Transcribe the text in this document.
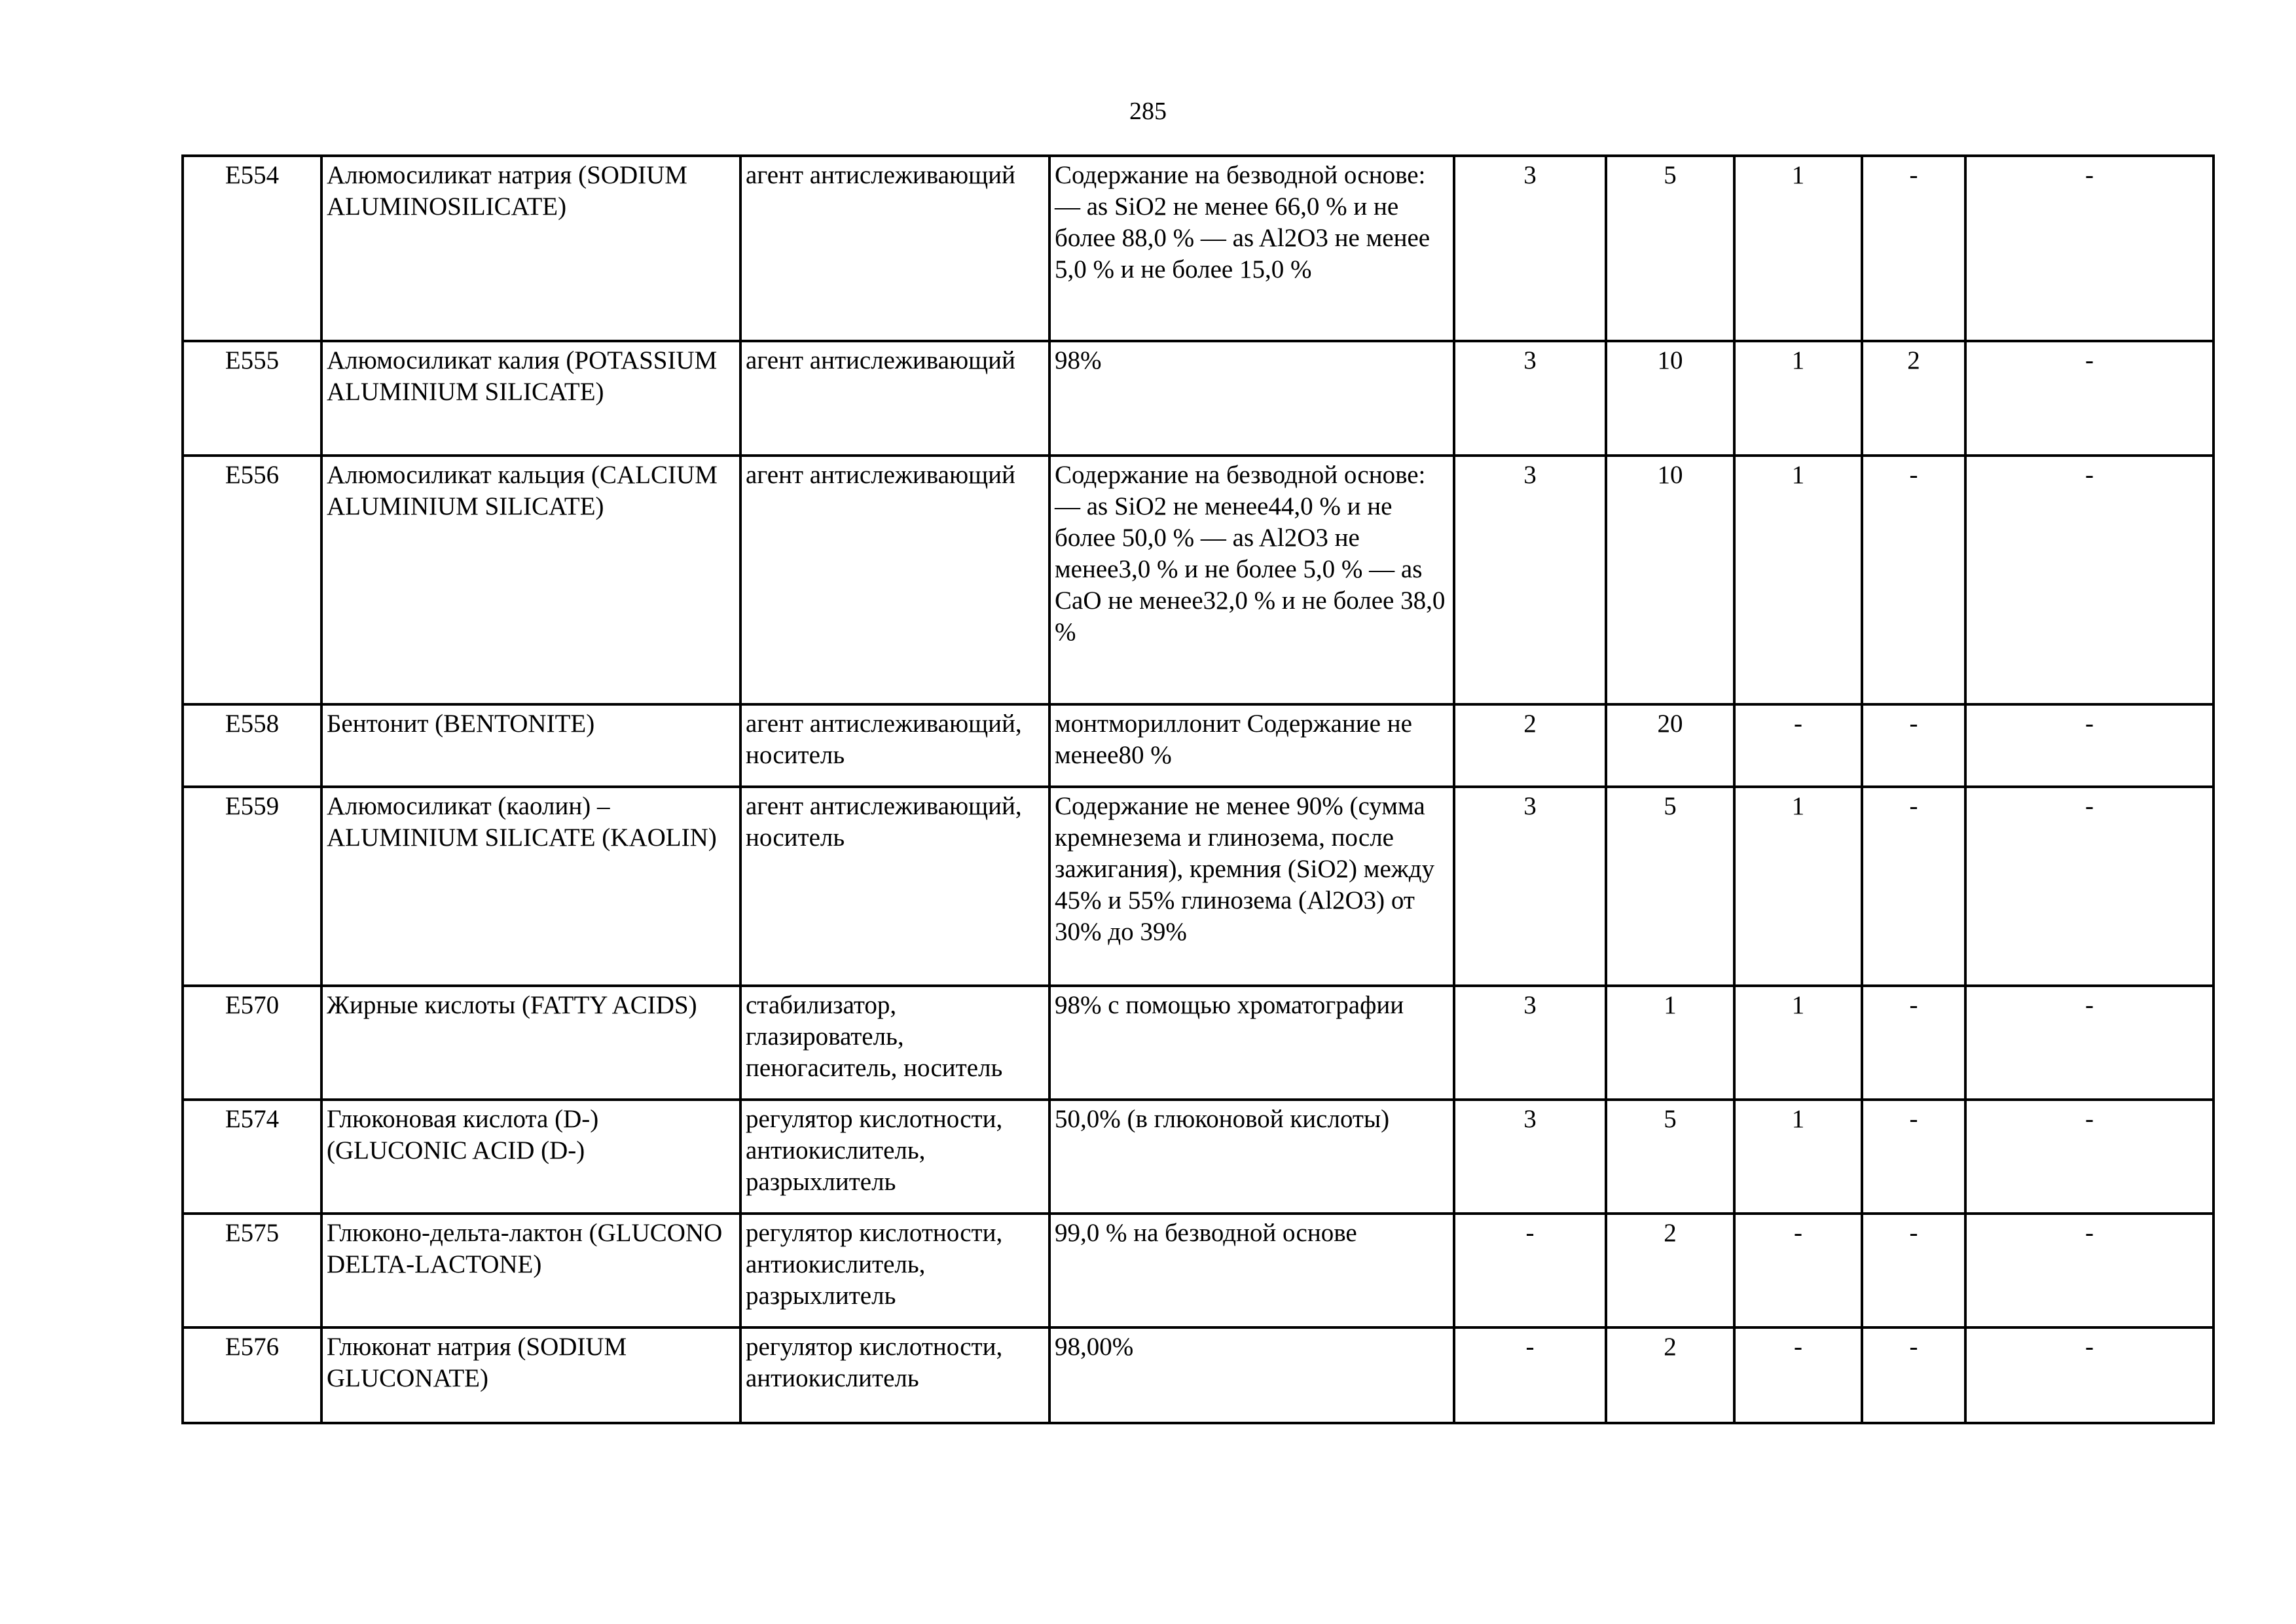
285
E554	Алюмосиликат натрия (SODIUM ALUMINOSILICATE)	агент антислеживающий	Содержание на безводной основе: — as SiO2 не менее 66,0 % и не более 88,0 % — as Al2O3 не менее 5,0 % и не более 15,0 %	3	5	1	-	-
E555	Алюмосиликат калия (POTASSIUM ALUMINIUM SILICATE)	агент антислеживающий	98%	3	10	1	2	-
E556	Алюмосиликат кальция (CALCIUM ALUMINIUM SILICATE)	агент антислеживающий	Содержание на безводной основе: — as SiO2 не менее44,0 % и не более 50,0 % — as Al2O3 не менее3,0 % и не более 5,0 % — as CaO не менее32,0 % и не более 38,0 %	3	10	1	-	-
E558	Бентонит (BENTONITE)	агент антислеживающий, носитель	монтмориллонит Содержание не менее80 %	2	20	-	-	-
E559	Алюмосиликат (каолин) – ALUMINIUM SILICATE (KAOLIN)	агент антислеживающий, носитель	Содержание не менее 90% (сумма кремнезема и глинозема, после зажигания), кремния (SiO2) между 45% и 55% глинозема (Al2O3) от 30% до 39%	3	5	1	-	-
E570	Жирные кислоты (FATTY ACIDS)	стабилизатор, глазирователь, пеногаситель, носитель	98% с помощью хроматографии	3	1	1	-	-
E574	Глюконовая кислота (D-) (GLUCONIC ACID (D-)	регулятор кислотности, антиокислитель, разрыхлитель	50,0% (в глюконовой кислоты)	3	5	1	-	-
E575	Глюконо-дельта-лактон (GLUCONO DELTA-LACTONE)	регулятор кислотности, антиокислитель, разрыхлитель	99,0 % на безводной основе	-	2	-	-	-
E576	Глюконат натрия (SODIUM GLUCONATE)	регулятор кислотности, антиокислитель	98,00%	-	2	-	-	-
